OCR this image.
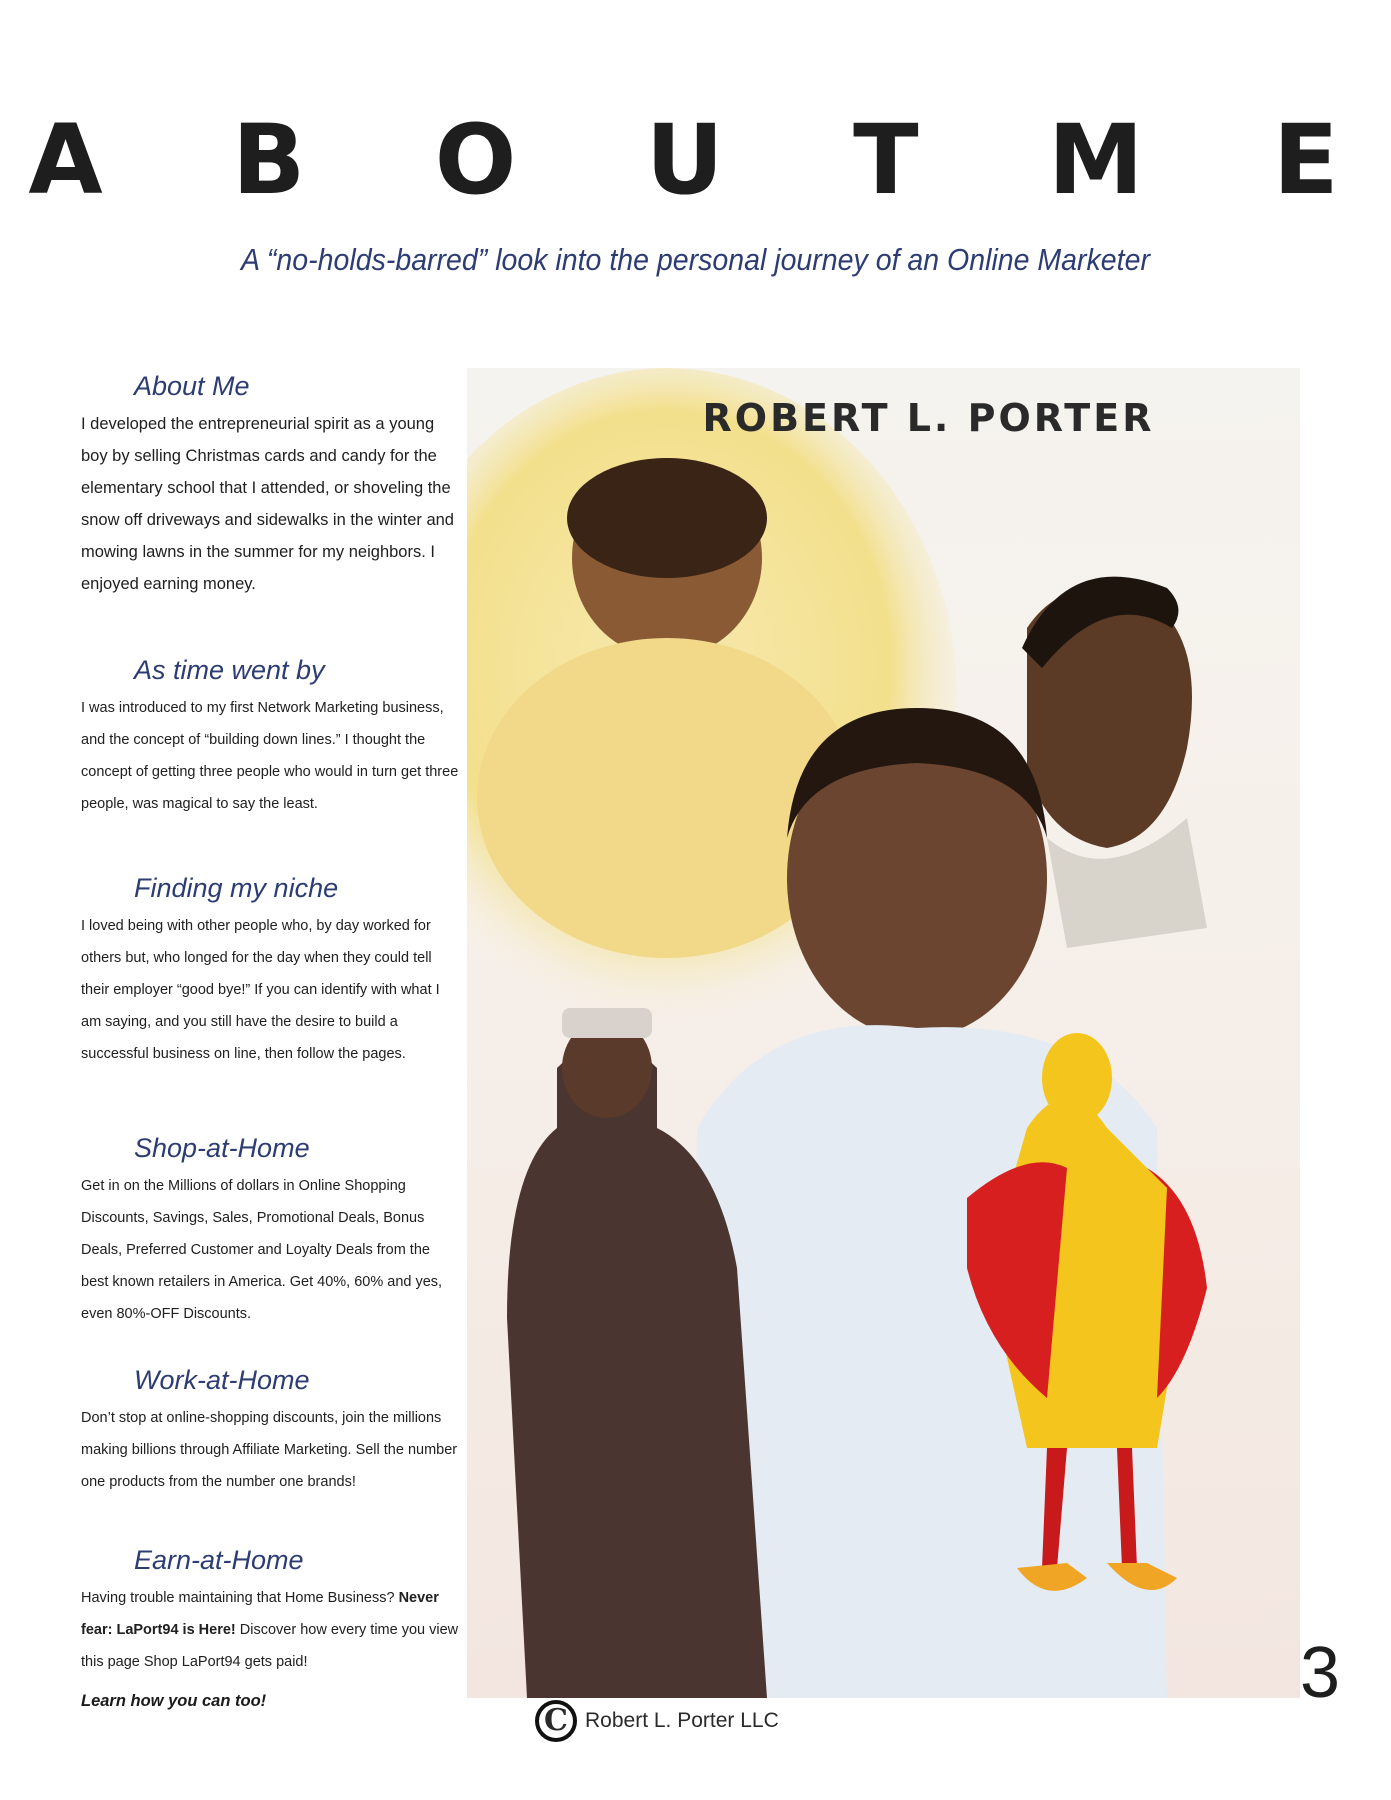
A B O U T M E
A “no-holds-barred” look into the personal journey of an Online Marketer
About Me

I developed the entrepreneurial spirit as a young boy by selling Christmas cards and candy for the elementary school that I attended, or shoveling the snow off driveways and sidewalks in the winter and mowing lawns in the summer for my neighbors. I enjoyed earning money.

As time went by

I was introduced to my first Network Marketing business, and the concept of “building down lines.” I thought the concept of getting three people who would in turn get three people, was magical to say the least.

Finding my niche

I loved being with other people who, by day worked for others but, who longed for the day when they could tell their employer “good bye!” If you can identify with what I am saying, and you still have the desire to build a successful business on line, then follow the pages.

Shop-at-Home

Get in on the Millions of dollars in Online Shopping Discounts, Savings, Sales, Promotional Deals, Bonus Deals, Preferred Customer and Loyalty Deals from the best known retailers in America. Get 40%, 60% and yes, even 80%-OFF Discounts.

Work-at-Home

Don’t stop at online-shopping discounts, join the millions making billions through Affiliate Marketing. Sell the number one products from the number one brands!

Earn-at-Home

Having trouble maintaining that Home Business? Never fear: LaPort94 is Here! Discover how every time you view this page Shop LaPort94 gets paid!

Learn how you can too!
ROBERT L. PORTER
3
C Robert L. Porter LLC
